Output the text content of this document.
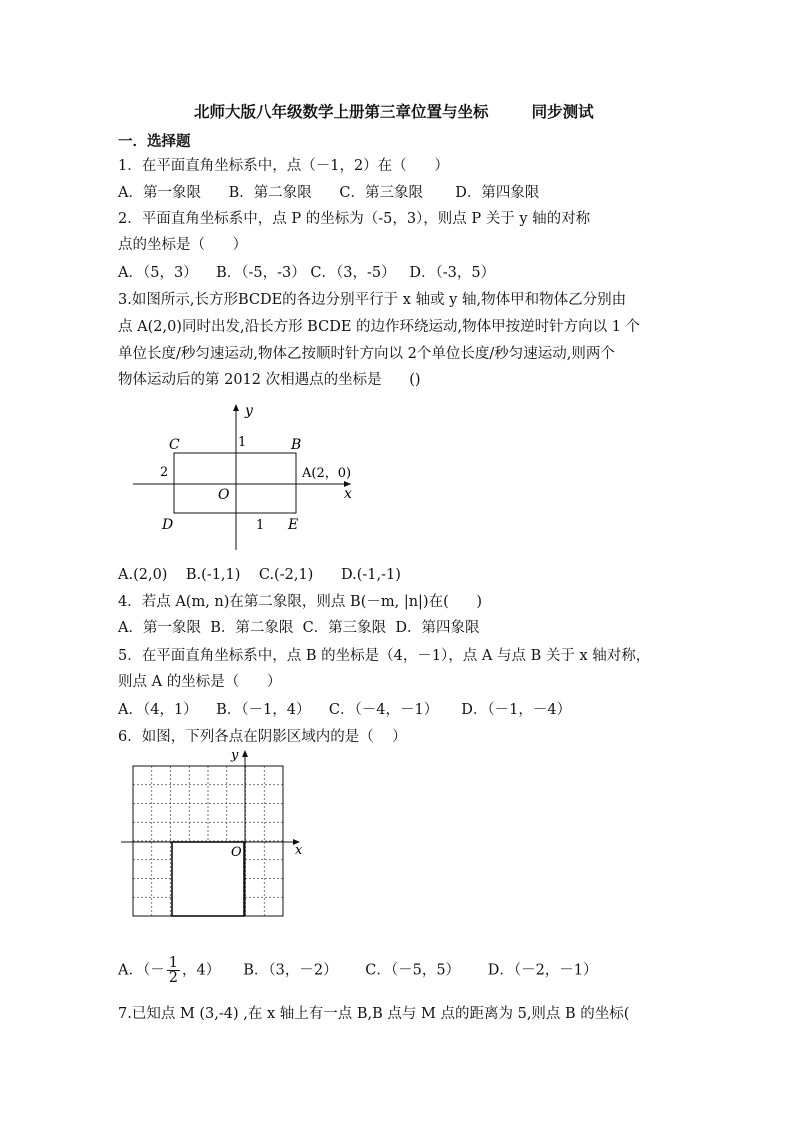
北师大版八年级数学上册第三章位置与坐标        同步测试
一．选择题
1．在平面直角坐标系中，点（－1，2）在（      ）
A．第一象限      B．第二象限      C．第三象限       D．第四象限
2．平面直角坐标系中，点 P 的坐标为（-5，3），则点 P 关于 y 轴的对称
点的坐标是（      ）
A．（5，3）    B．（-5，-3） C．（3，-5）   D．（-3，5）
3.如图所示,长方形BCDE的各边分别平行于 x 轴或 y 轴,物体甲和物体乙分别由
点 A(2,0)同时出发,沿长方形 BCDE 的边作环绕运动,物体甲按逆时针方向以 1 个
单位长度/秒匀速运动,物体乙按顺时针方向以 2个单位长度/秒匀速运动,则两个
物体运动后的第 2012 次相遇点的坐标是      ()
y
x
C	B
D	E
O
A(2，0)
1
2
1
A.(2,0)    B.(-1,1)    C.(-2,1)      D.(-1,-1)
4．若点 A(m, n)在第二象限，则点 B(－m, |n|)在(      )
A．第一象限  B．第二象限  C．第三象限  D．第四象限
5．在平面直角坐标系中，点 B 的坐标是（4，－1），点 A 与点 B 关于 x 轴对称，
则点 A 的坐标是（      ）
A．（4，1）    B．（－1，4）    C．（－4，－1）     D．（－1，－4）
6．如图，下列各点在阴影区域内的是（    ）
y
x
O
A．（－ $\frac{1}{2}$ ，4）     B．（3，－2）      C．（－5，5）      D．（－2，－1）
7.已知点 M (3,-4) ,在 x 轴上有一点 B,B 点与 M 点的距离为 5,则点 B 的坐标(
